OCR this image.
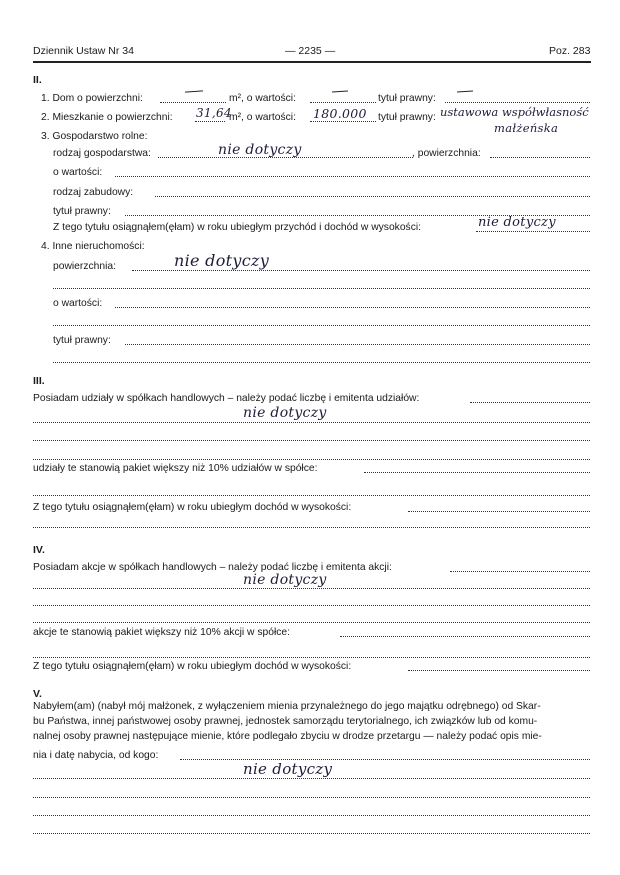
Dziennik Ustaw Nr 34	— 2235 —	Poz. 283
II.
1. Dom o powierzchni:	m², o wartości:	tytuł prawny:
2. Mieszkanie o powierzchni: 31,64
m², o wartości: 180.000 tytuł prawny: ustawowa współwłasność
małżeńska
3. Gospodarstwo rolne:
rodzaj gospodarstwa:	nie dotyczy	, powierzchnia:
o wartości:
rodzaj zabudowy:
tytuł prawny:
Z tego tytułu osiągnąłem(ęłam) w roku ubiegłym przychód i dochód w wysokości:	nie dotyczy
4. Inne nieruchomości:
powierzchnia:	nie dotyczy
o wartości:
tytuł prawny:
III.
Posiadam udziały w spółkach handlowych – należy podać liczbę i emitenta udziałów:
nie dotyczy
udziały te stanowią pakiet większy niż 10% udziałów w spółce:
Z tego tytułu osiągnąłem(ęłam) w roku ubiegłym dochód w wysokości:
IV.
Posiadam akcje w spółkach handlowych – należy podać liczbę i emitenta akcji:
nie dotyczy
akcje te stanowią pakiet większy niż 10% akcji w spółce:
Z tego tytułu osiągnąłem(ęłam) w roku ubiegłym dochód w wysokości:
V.
Nabyłem(am) (nabył mój małżonek, z wyłączeniem mienia przynależnego do jego majątku odrębnego) od Skar-
bu Państwa, innej państwowej osoby prawnej, jednostek samorządu terytorialnego, ich związków lub od komu-
nalnej osoby prawnej następujące mienie, które podlegało zbyciu w drodze przetargu — należy podać opis mie-
nia i datę nabycia, od kogo:
nie dotyczy
